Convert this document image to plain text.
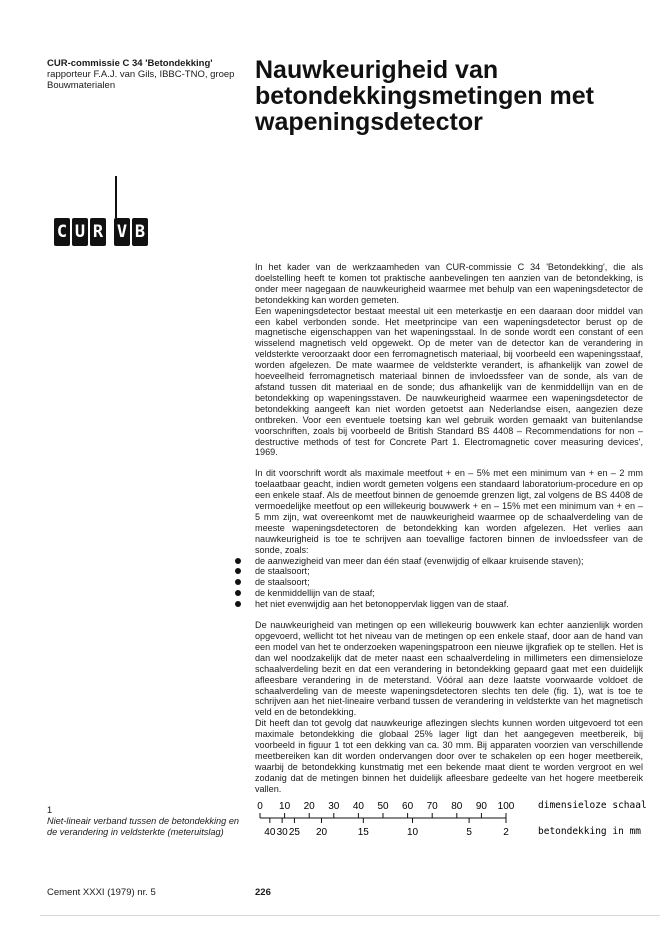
CUR-commissie C 34 'Betondekking'
rapporteur F.A.J. van Gils, IBBC-TNO, groep Bouwmaterialen
Nauwkeurigheid van betondekkingsmetingen met wapeningsdetector
C U R V B

In het kader van de werkzaamheden van CUR-commissie C 34 'Betondekking', die als doelstelling heeft te komen tot praktische aanbevelingen ten aanzien van de betondekking, is onder meer nagegaan de nauwkeurigheid waarmee met behulp van een wapeningsdetector de betondekking kan worden gemeten.

Een wapeningsdetector bestaat meestal uit een meterkastje en een daaraan door middel van een kabel verbonden sonde. Het meetprincipe van een wapeningsdetector berust op de magnetische eigenschappen van het wapeningsstaal. In de sonde wordt een constant of een wisselend magnetisch veld opgewekt. Op de meter van de detector kan de verandering in veldsterkte veroorzaakt door een ferromagnetisch materiaal, bij voorbeeld een wapeningsstaaf, worden afgelezen. De mate waarmee de veldsterkte verandert, is afhankelijk van zowel de hoeveelheid ferromagnetisch materiaal binnen de invloedssfeer van de sonde, als van de afstand tussen dit materiaal en de sonde; dus afhankelijk van de kenmiddellijn van en de betondekking op wapeningsstaven. De nauwkeurigheid waarmee een wapeningsdetector de betondekking aangeeft kan niet worden getoetst aan Nederlandse eisen, aangezien deze ontbreken. Voor een eventuele toetsing kan wel gebruik worden gemaakt van buitenlandse voorschriften, zoals bij voorbeeld de British Standard BS 4408 – Recommendations for non – destructive methods of test for Concrete Part 1. Electromagnetic cover measuring devices', 1969.

In dit voorschrift wordt als maximale meetfout + en – 5% met een minimum van + en – 2 mm toelaatbaar geacht, indien wordt gemeten volgens een standaard laboratorium-procedure en op een enkele staaf. Als de meetfout binnen de genoemde grenzen ligt, zal volgens de BS 4408 de vermoedelijke meetfout op een willekeurig bouwwerk + en – 15% met een minimum van + en – 5 mm zijn, wat overeenkomt met de nauwkeurigheid waarmee op de schaalverdeling van de meeste wapeningsdetectoren de betondekking kan worden afgelezen. Het verlies aan nauwkeurigheid is toe te schrijven aan toevallige factoren binnen de invloedssfeer van de sonde, zoals:

de aanwezigheid van meer dan één staaf (evenwijdig of elkaar kruisende staven);
de staalsoort;
de staalsoort;
de kenmiddellijn van de staaf;
het niet evenwijdig aan het betonoppervlak liggen van de staaf.

De nauwkeurigheid van metingen op een willekeurig bouwwerk kan echter aanzienlijk worden opgevoerd, wellicht tot het niveau van de metingen op een enkele staaf, door aan de hand van een model van het te onderzoeken wapeningspatroon een nieuwe ijkgrafiek op te stellen. Het is dan wel noodzakelijk dat de meter naast een schaalverdeling in millimeters een dimensieloze schaalverdeling bezit en dat een verandering in betondekking gepaard gaat met een duidelijk afleesbare verandering in de meterstand. Vóóral aan deze laatste voorwaarde voldoet de schaalverdeling van de meeste wapeningsdetectoren slechts ten dele (fig. 1), wat is toe te schrijven aan het niet-lineaire verband tussen de verandering in veldsterkte van het magnetisch veld en de betondekking.

Dit heeft dan tot gevolg dat nauwkeurige aflezingen slechts kunnen worden uitgevoerd tot een maximale betondekking die globaal 25% lager ligt dan het aangegeven meetbereik, bij voorbeeld in figuur 1 tot een dekking van ca. 30 mm. Bij apparaten voorzien van verschillende meetbereiken kan dit worden ondervangen door over te schakelen op een hoger meetbereik, waarbij de betondekking kunstmatig met een bekende maat dient te worden vergroot en wel zodanig dat de metingen binnen het duidelijk afleesbare gedeelte van het hogere meetbereik vallen.

1
Niet-lineair verband tussen de betondekking en de verandering in veldsterkte (meteruitslag)
0 10 20 30 40 50 60 70 80 90 100
40 30 25 20	15	10	5	2
dimensieloze schaal
betondekking in mm
Cement XXXI (1979) nr. 5	226
